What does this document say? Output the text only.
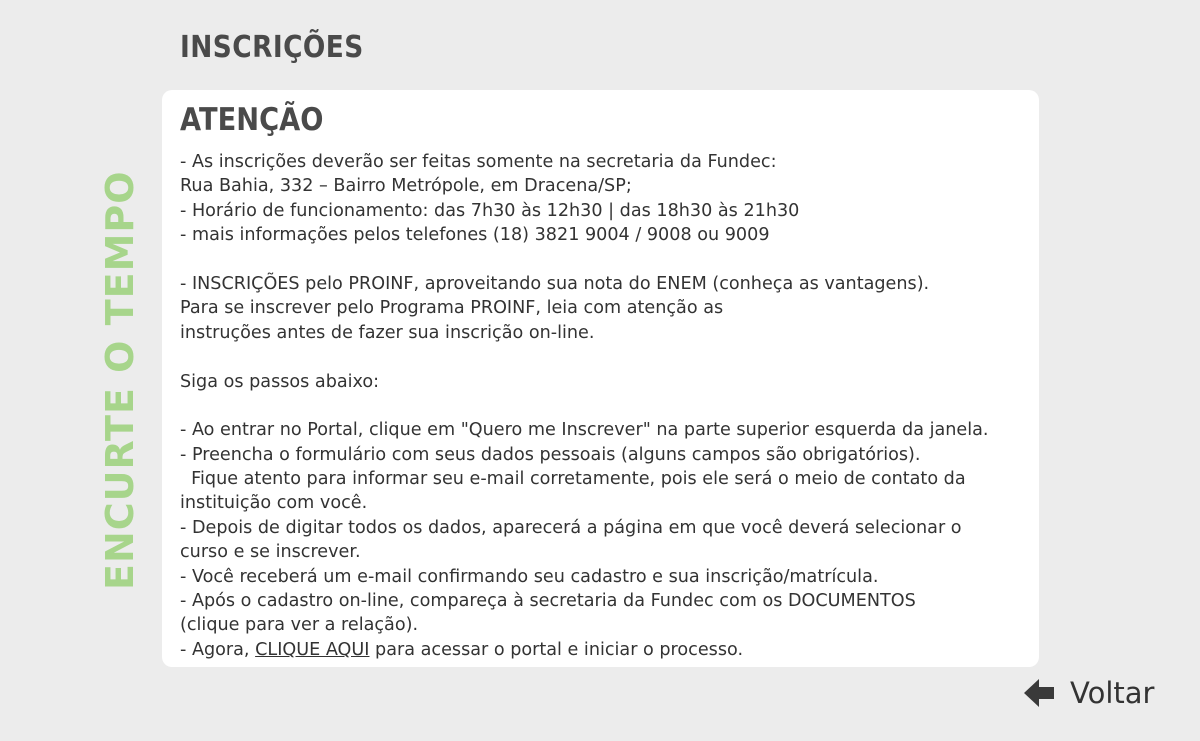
INSCRIÇÕES
ENCURTE O TEMPO
ATENÇÃO
- As inscrições deverão ser feitas somente na secretaria da Fundec:
Rua Bahia, 332 – Bairro Metrópole, em Dracena/SP;
- Horário de funcionamento: das 7h30 às 12h30 | das 18h30 às 21h30
- mais informações pelos telefones (18) 3821 9004 / 9008 ou 9009
- INSCRIÇÕES pelo PROINF, aproveitando sua nota do ENEM (conheça as vantagens).
Para se inscrever pelo Programa PROINF, leia com atenção as
instruções antes de fazer sua inscrição on-line.
Siga os passos abaixo:
- Ao entrar no Portal, clique em "Quero me Inscrever" na parte superior esquerda da janela.
- Preencha o formulário com seus dados pessoais (alguns campos são obrigatórios).
Fique atento para informar seu e-mail corretamente, pois ele será o meio de contato da
instituição com você.
- Depois de digitar todos os dados, aparecerá a página em que você deverá selecionar o
curso e se inscrever.
- Você receberá um e-mail confirmando seu cadastro e sua inscrição/matrícula.
- Após o cadastro on-line, compareça à secretaria da Fundec com os DOCUMENTOS
(clique para ver a relação).
- Agora, CLIQUE AQUI para acessar o portal e iniciar o processo.
Voltar
